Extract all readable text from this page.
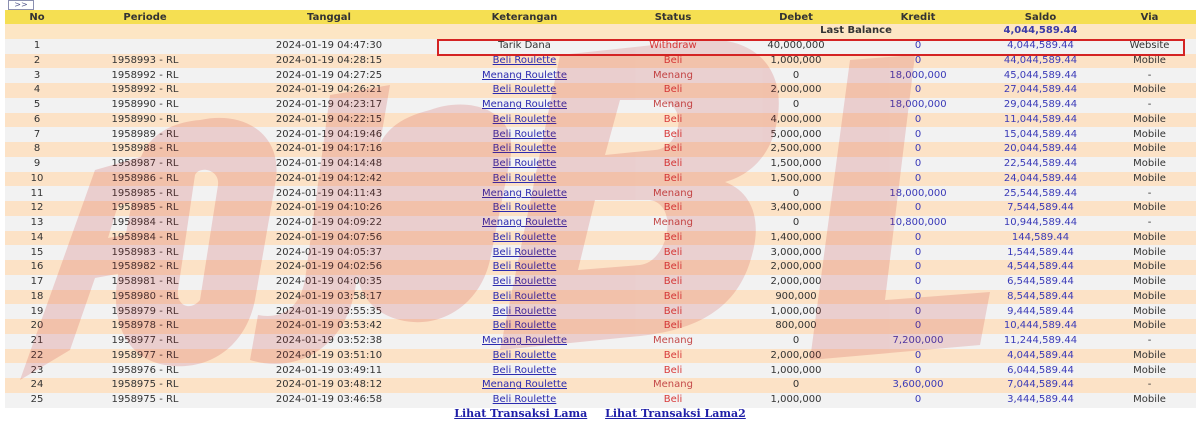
>>
No	Periode	Tanggal	Keterangan	Status	Debet	Kredit	Saldo	Via
					Last Balance		4,044,589.44	
1		2024-01-19 04:47:30	Tarik Dana	Withdraw	40,000,000	0	4,044,589.44	Website
2	1958993 - RL	2024-01-19 04:28:15	Beli Roulette	Beli	1,000,000	0	44,044,589.44	Mobile
3	1958992 - RL	2024-01-19 04:27:25	Menang Roulette	Menang	0	18,000,000	45,044,589.44	-
4	1958992 - RL	2024-01-19 04:26:21	Beli Roulette	Beli	2,000,000	0	27,044,589.44	Mobile
5	1958990 - RL	2024-01-19 04:23:17	Menang Roulette	Menang	0	18,000,000	29,044,589.44	-
6	1958990 - RL	2024-01-19 04:22:15	Beli Roulette	Beli	4,000,000	0	11,044,589.44	Mobile
7	1958989 - RL	2024-01-19 04:19:46	Beli Roulette	Beli	5,000,000	0	15,044,589.44	Mobile
8	1958988 - RL	2024-01-19 04:17:16	Beli Roulette	Beli	2,500,000	0	20,044,589.44	Mobile
9	1958987 - RL	2024-01-19 04:14:48	Beli Roulette	Beli	1,500,000	0	22,544,589.44	Mobile
10	1958986 - RL	2024-01-19 04:12:42	Beli Roulette	Beli	1,500,000	0	24,044,589.44	Mobile
11	1958985 - RL	2024-01-19 04:11:43	Menang Roulette	Menang	0	18,000,000	25,544,589.44	-
12	1958985 - RL	2024-01-19 04:10:26	Beli Roulette	Beli	3,400,000	0	7,544,589.44	Mobile
13	1958984 - RL	2024-01-19 04:09:22	Menang Roulette	Menang	0	10,800,000	10,944,589.44	-
14	1958984 - RL	2024-01-19 04:07:56	Beli Roulette	Beli	1,400,000	0	144,589.44	Mobile
15	1958983 - RL	2024-01-19 04:05:37	Beli Roulette	Beli	3,000,000	0	1,544,589.44	Mobile
16	1958982 - RL	2024-01-19 04:02:56	Beli Roulette	Beli	2,000,000	0	4,544,589.44	Mobile
17	1958981 - RL	2024-01-19 04:00:35	Beli Roulette	Beli	2,000,000	0	6,544,589.44	Mobile
18	1958980 - RL	2024-01-19 03:58:17	Beli Roulette	Beli	900,000	0	8,544,589.44	Mobile
19	1958979 - RL	2024-01-19 03:55:35	Beli Roulette	Beli	1,000,000	0	9,444,589.44	Mobile
20	1958978 - RL	2024-01-19 03:53:42	Beli Roulette	Beli	800,000	0	10,444,589.44	Mobile
21	1958977 - RL	2024-01-19 03:52:38	Menang Roulette	Menang	0	7,200,000	11,244,589.44	-
22	1958977 - RL	2024-01-19 03:51:10	Beli Roulette	Beli	2,000,000	0	4,044,589.44	Mobile
23	1958976 - RL	2024-01-19 03:49:11	Beli Roulette	Beli	1,000,000	0	6,044,589.44	Mobile
24	1958975 - RL	2024-01-19 03:48:12	Menang Roulette	Menang	0	3,600,000	7,044,589.44	-
25	1958975 - RL	2024-01-19 03:46:58	Beli Roulette	Beli	1,000,000	0	3,444,589.44	Mobile
Lihat Transaksi Lama Lihat Transaksi Lama2
